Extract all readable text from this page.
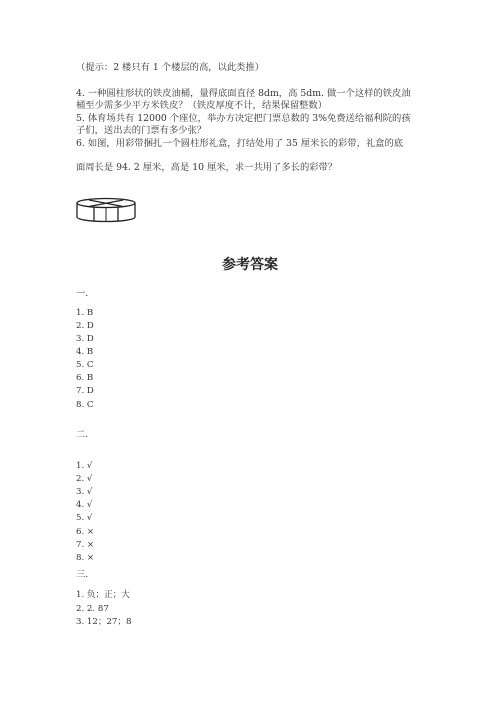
（提示：2 楼只有 1 个楼层的高，以此类推）
4. 一种圆柱形状的铁皮油桶，量得底面直径 8dm，高 5dm. 做一个这样的铁皮油
桶至少需多少平方米铁皮？（铁皮厚度不计，结果保留整数）
5. 体育场共有 12000 个座位，举办方决定把门票总数的 3%免费送给福利院的孩
子们，送出去的门票有多少张？
6. 如图，用彩带捆扎一个圆柱形礼盒，打结处用了 35 厘米长的彩带，礼盒的底
面周长是 94. 2 厘米，高是 10 厘米，求一共用了多长的彩带？
参考答案
一.
1. B
2. D
3. D
4. B
5. C
6. B
7. D
8. C
二.
1. √
2. √
3. √
4. √
5. √
6. ×
7. ×
8. ×
三.
1. 负；正；大
2. 2. 87
3. 12；27；8
